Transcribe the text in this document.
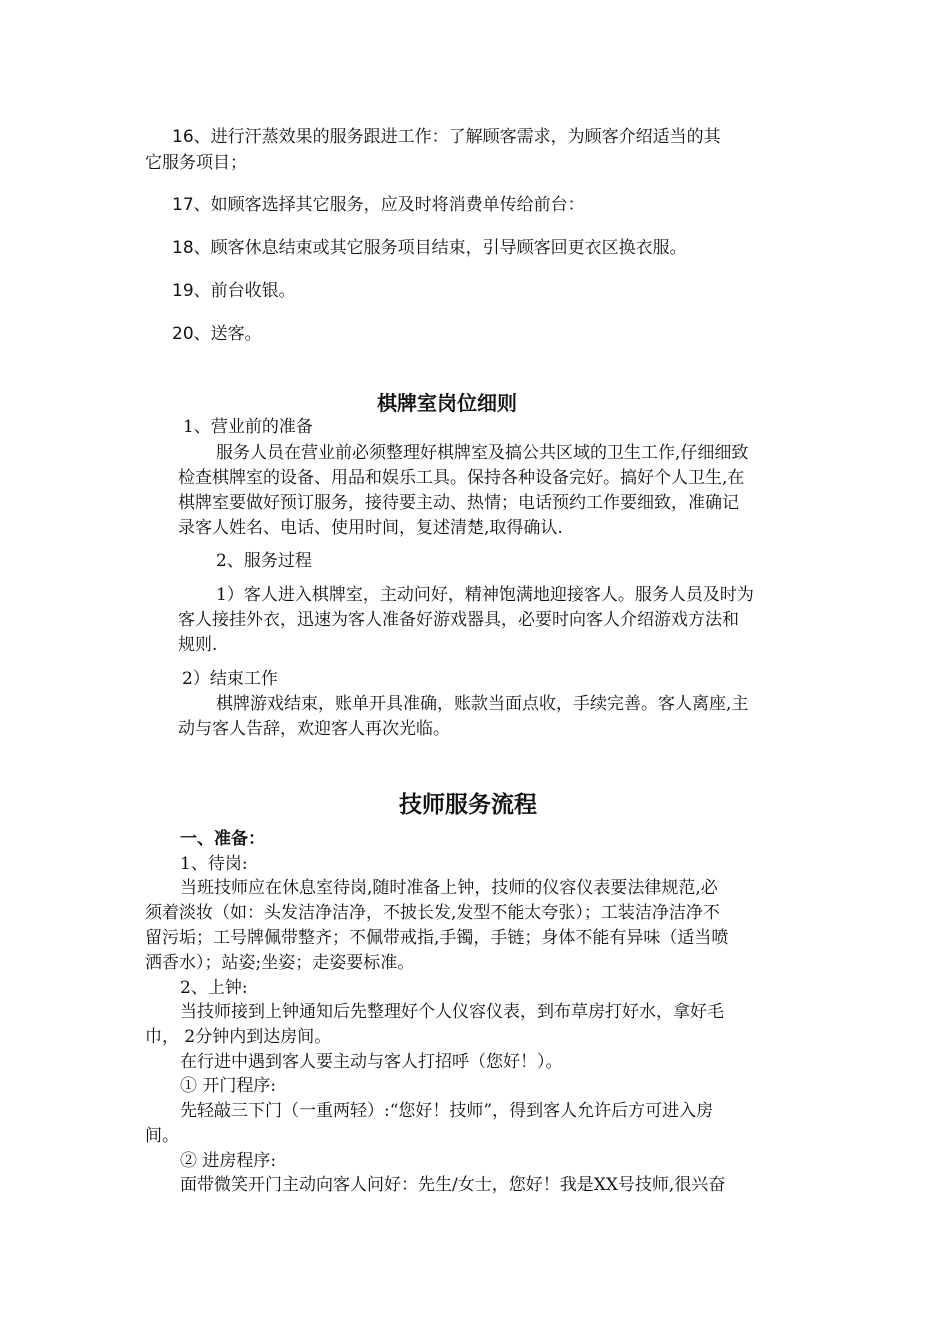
16、进行汗蒸效果的服务跟进工作：了解顾客需求，为顾客介绍适当的其
它服务项目；
17、如顾客选择其它服务，应及时将消费单传给前台：
18、顾客休息结束或其它服务项目结束，引导顾客回更衣区换衣服。
19、前台收银。
20、送客。
棋牌室岗位细则
1、营业前的准备
服务人员在营业前必须整理好棋牌室及搞公共区域的卫生工作,仔细细致
检查棋牌室的设备、用品和娱乐工具。保持各种设备完好。搞好个人卫生,在
棋牌室要做好预订服务，接待要主动、热情；电话预约工作要细致，准确记
录客人姓名、电话、使用时间，复述清楚,取得确认.
2、服务过程
1）客人进入棋牌室，主动问好，精神饱满地迎接客人。服务人员及时为
客人接挂外衣，迅速为客人准备好游戏器具，必要时向客人介绍游戏方法和
规则.
2）结束工作
棋牌游戏结束，账单开具准确，账款当面点收，手续完善。客人离座,主
动与客人告辞，欢迎客人再次光临。
技师服务流程
一、准备：
1、待岗:
当班技师应在休息室待岗,随时准备上钟，技师的仪容仪表要法律规范,必
须着淡妆（如：头发洁净洁净，不披长发,发型不能太夸张）；工装洁净洁净不
留污垢；工号牌佩带整齐；不佩带戒指,手镯，手链；身体不能有异味（适当喷
洒香水）；站姿;坐姿；走姿要标准。
2、上钟:
当技师接到上钟通知后先整理好个人仪容仪表，到布草房打好水，拿好毛
巾， 2分钟内到达房间。
在行进中遇到客人要主动与客人打招呼（您好！）。
① 开门程序:
先轻敲三下门（一重两轻）:“您好！技师”，得到客人允许后方可进入房
间。
② 进房程序:
面带微笑开门主动向客人问好：先生/女士，您好！我是XX号技师,很兴奋
